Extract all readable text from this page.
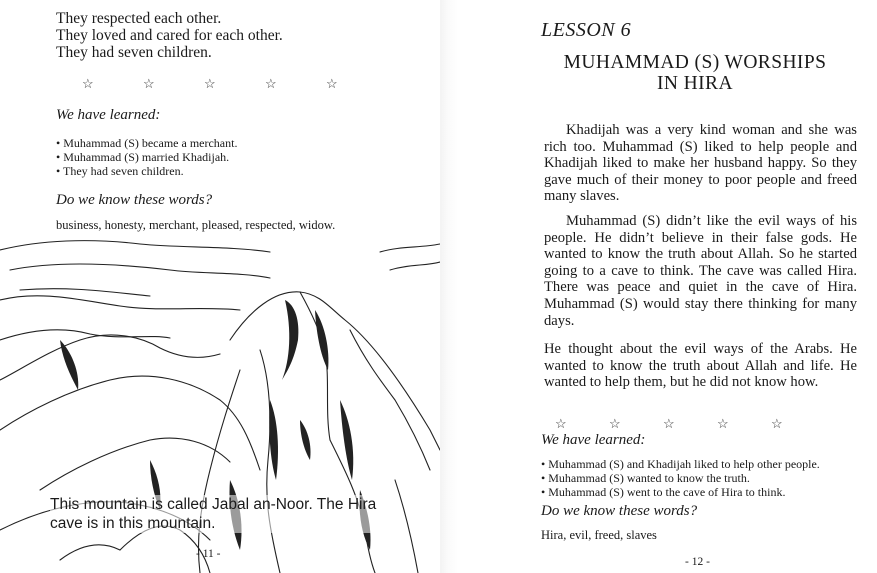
They respected each other.
They loved and cared for each other.
They had seven children.
☆	☆	☆	☆	☆
We have learned:
• Muhammad (S) became a merchant.
• Muhammad (S) married Khadijah.
• They had seven children.
Do we know these words?
business, honesty, merchant, pleased, respected, widow.
This mountain is called Jabal an-Noor. The Hira
cave is in this mountain.
- 11 -
LESSON 6
MUHAMMAD (S) WORSHIPS
IN HIRA

Khadijah was a very kind woman and she was rich too. Muhammad (S) liked to help people and Khadijah liked to make her husband happy. So they gave much of their money to poor people and freed many slaves.

Muhammad (S) didn’t like the evil ways of his people. He didn’t believe in their false gods. He wanted to know the truth about Allah. So he started going to a cave to think. The cave was called Hira. There was peace and quiet in the cave of Hira. Muhammad (S) would stay there thinking for many days.

He thought about the evil ways of the Arabs. He wanted to know the truth about Allah and life. He wanted to help them, but he did not know how.

☆	☆	☆	☆	☆
We have learned:
• Muhammad (S) and Khadijah liked to help other people.
• Muhammad (S) wanted to know the truth.
• Muhammad (S) went to the cave of Hira to think.
Do we know these words?
Hira, evil, freed, slaves
- 12 -
